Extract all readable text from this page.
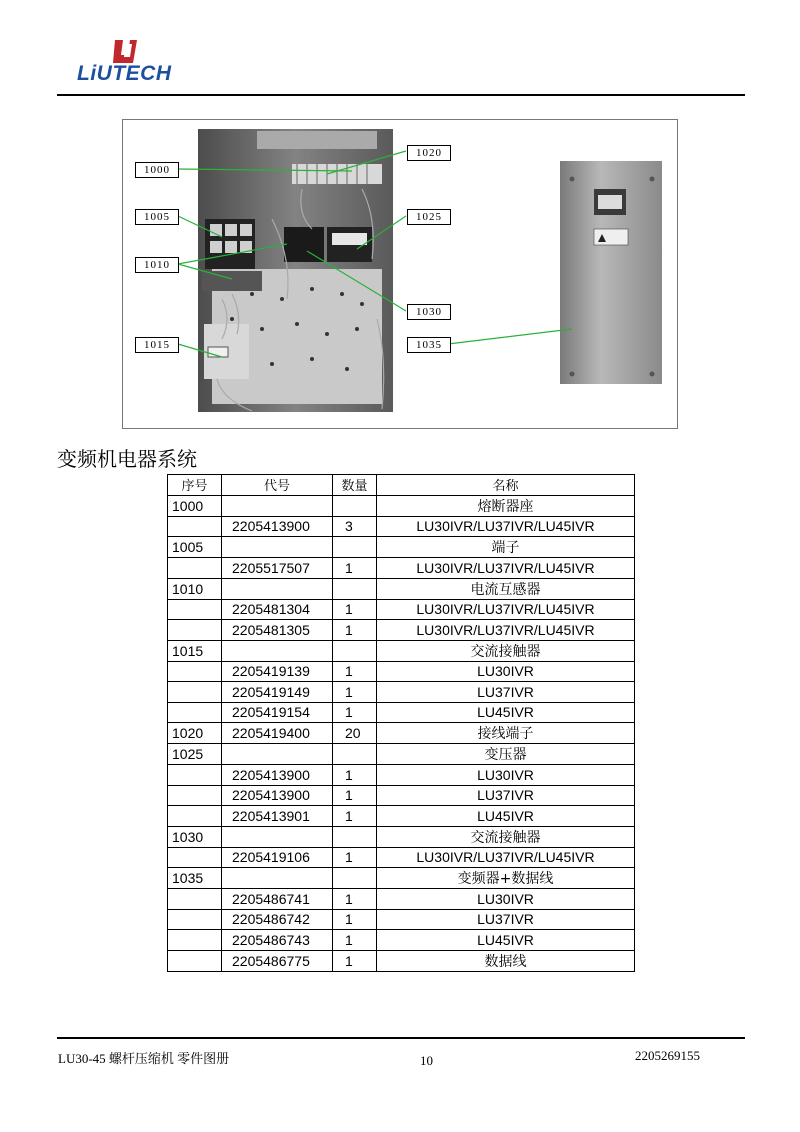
LiUTECH
1000
1005
1010
1015
1020
1025
1030
1035
变频机电器系统
序号	代号	数量	名称
1000			熔断器座
	2205413900	3	LU30IVR/LU37IVR/LU45IVR
1005			端子
	2205517507	1	LU30IVR/LU37IVR/LU45IVR
1010			电流互感器
	2205481304	1	LU30IVR/LU37IVR/LU45IVR
	2205481305	1	LU30IVR/LU37IVR/LU45IVR
1015			交流接触器
	2205419139	1	LU30IVR
	2205419149	1	LU37IVR
	2205419154	1	LU45IVR
1020	2205419400	20	接线端子
1025			变压器
	2205413900	1	LU30IVR
	2205413900	1	LU37IVR
	2205413901	1	LU45IVR
1030			交流接触器
	2205419106	1	LU30IVR/LU37IVR/LU45IVR
1035			变频器+数据线
	2205486741	1	LU30IVR
	2205486742	1	LU37IVR
	2205486743	1	LU45IVR
	2205486775	1	数据线
LU30-45 螺杆压缩机 零件图册	10	2205269155
